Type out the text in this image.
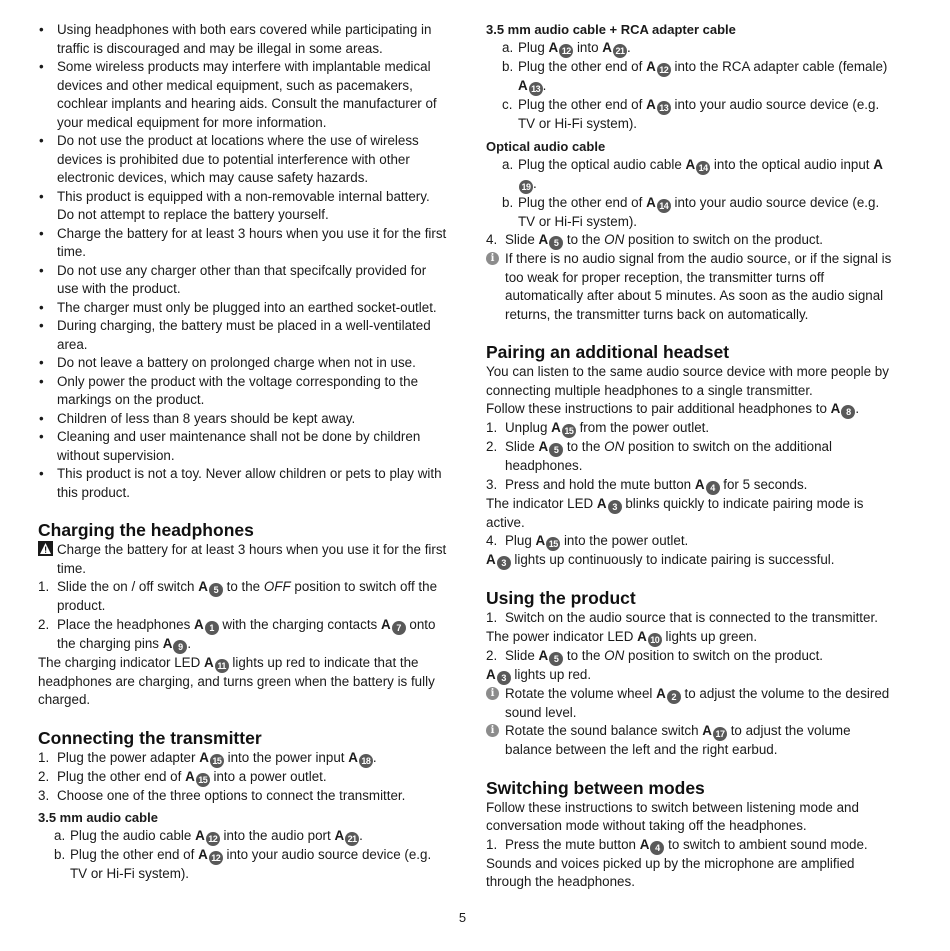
• Using headphones with both ears covered while participating in traffic is discouraged and may be illegal in some areas.
• Some wireless products may interfere with implantable medical devices and other medical equipment, such as pacemakers, cochlear implants and hearing aids. Consult the manufacturer of your medical equipment for more information.
• Do not use the product at locations where the use of wireless devices is prohibited due to potential interference with other electronic devices, which may cause safety hazards.
• This product is equipped with a non-removable internal battery. Do not attempt to replace the battery yourself.
• Charge the battery for at least 3 hours when you use it for the first time.
• Do not use any charger other than that specifcally provided for use with the product.
• The charger must only be plugged into an earthed socket-outlet.
• During charging, the battery must be placed in a well-ventilated area.
• Do not leave a battery on prolonged charge when not in use.
• Only power the product with the voltage corresponding to the markings on the product.
• Children of less than 8 years should be kept away.
• Cleaning and user maintenance shall not be done by children without supervision.
• This product is not a toy. Never allow children or pets to play with this product.
Charging the headphones
Charge the battery for at least 3 hours when you use it for the first time.
1. Slide the on / off switch A 5 to the OFF position to switch off the product.
2. Place the headphones A 1 with the charging contacts A 7 onto the charging pins A 9 .
The charging indicator LED A 11 lights up red to indicate that the headphones are charging, and turns green when the battery is fully charged.
Connecting the transmitter
1. Plug the power adapter A 15 into the power input A 18 .
2. Plug the other end of A 15 into a power outlet.
3. Choose one of the three options to connect the transmitter.
3.5 mm audio cable
a. Plug the audio cable A 12 into the audio port A 21 .
b. Plug the other end of A 12 into your audio source device (e.g. TV or Hi-Fi system).
3.5 mm audio cable + RCA adapter cable
a. Plug A 12 into A 21 .
b. Plug the other end of A 12 into the RCA adapter cable (female) A 13 .
c. Plug the other end of A 13 into your audio source device (e.g. TV or Hi-Fi system).
Optical audio cable
a. Plug the optical audio cable A 14 into the optical audio input A19 .
b. Plug the other end of A 14 into your audio source device (e.g. TV or Hi-Fi system).
4. Slide A 5 to the ON position to switch on the product.
i If there is no audio signal from the audio source, or if the signal is too weak for proper reception, the transmitter turns off automatically after about 5 minutes. As soon as the audio signal returns, the transmitter turns back on automatically.
Pairing an additional headset
You can listen to the same audio source device with more people by connecting multiple headphones to a single transmitter.
Follow these instructions to pair additional headphones to A 8 .
1. Unplug A 15 from the power outlet.
2. Slide A 5 to the ON position to switch on the additional headphones.
3. Press and hold the mute button A 4 for 5 seconds.
The indicator LED A 3 blinks quickly to indicate pairing mode is active.
4. Plug A 15 into the power outlet.
A 3 lights up continuously to indicate pairing is successful.
Using the product
1. Switch on the audio source that is connected to the transmitter.
The power indicator LED A 10 lights up green.
2. Slide A 5 to the ON position to switch on the product.
A 3 lights up red.
i Rotate the volume wheel A 2 to adjust the volume to the desired sound level.
i Rotate the sound balance switch A 17 to adjust the volume balance between the left and the right earbud.
Switching between modes
Follow these instructions to switch between listening mode and conversation mode without taking off the headphones.
1. Press the mute button A 4 to switch to ambient sound mode.
Sounds and voices picked up by the microphone are amplified through the headphones.
5
